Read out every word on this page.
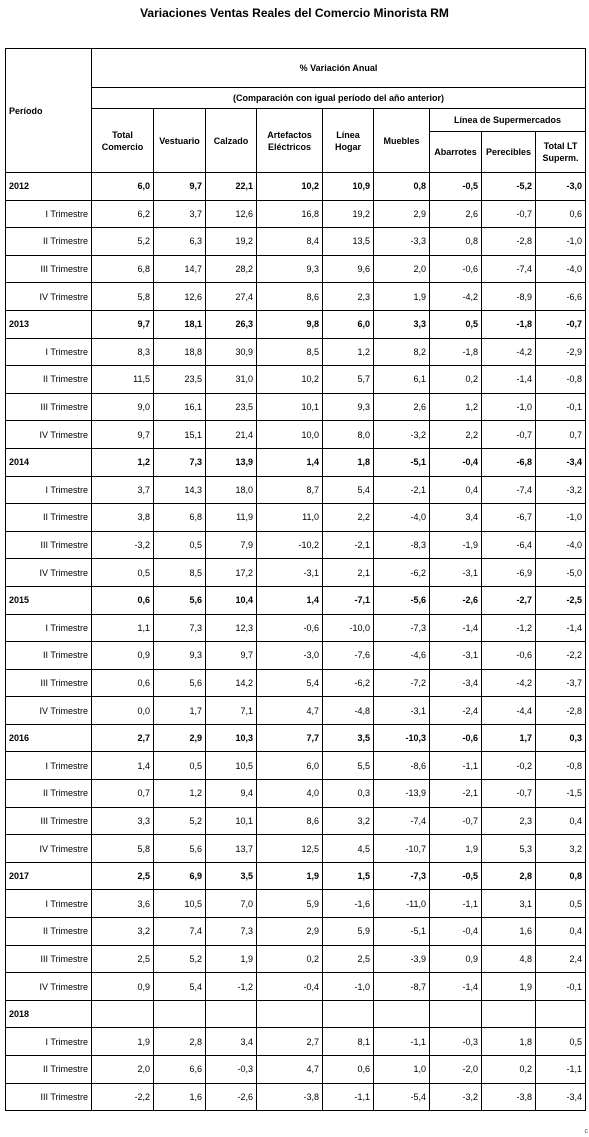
Variaciones Ventas Reales del Comercio Minorista RM
Período	% Variación Anual								
	(Comparación con igual período del año anterior)								
	Total Comercio	Vestuario	Calzado	Artefactos Eléctricos	Línea Hogar	Muebles	Línea de Supermercados		
							Abarrotes	Perecibles	Total LT Superm.
2012	6,0	9,7	22,1	10,2	10,9	0,8	-0,5	-5,2	-3,0
I Trimestre	6,2	3,7	12,6	16,8	19,2	2,9	2,6	-0,7	0,6
II Trimestre	5,2	6,3	19,2	8,4	13,5	-3,3	0,8	-2,8	-1,0
III Trimestre	6,8	14,7	28,2	9,3	9,6	2,0	-0,6	-7,4	-4,0
IV Trimestre	5,8	12,6	27,4	8,6	2,3	1,9	-4,2	-8,9	-6,6
2013	9,7	18,1	26,3	9,8	6,0	3,3	0,5	-1,8	-0,7
I Trimestre	8,3	18,8	30,9	8,5	1,2	8,2	-1,8	-4,2	-2,9
II Trimestre	11,5	23,5	31,0	10,2	5,7	6,1	0,2	-1,4	-0,8
III Trimestre	9,0	16,1	23,5	10,1	9,3	2,6	1,2	-1,0	-0,1
IV Trimestre	9,7	15,1	21,4	10,0	8,0	-3,2	2,2	-0,7	0,7
2014	1,2	7,3	13,9	1,4	1,8	-5,1	-0,4	-6,8	-3,4
I Trimestre	3,7	14,3	18,0	8,7	5,4	-2,1	0,4	-7,4	-3,2
II Trimestre	3,8	6,8	11,9	11,0	2,2	-4,0	3,4	-6,7	-1,0
III Trimestre	-3,2	0,5	7,9	-10,2	-2,1	-8,3	-1,9	-6,4	-4,0
IV Trimestre	0,5	8,5	17,2	-3,1	2,1	-6,2	-3,1	-6,9	-5,0
2015	0,6	5,6	10,4	1,4	-7,1	-5,6	-2,6	-2,7	-2,5
I Trimestre	1,1	7,3	12,3	-0,6	-10,0	-7,3	-1,4	-1,2	-1,4
II Trimestre	0,9	9,3	9,7	-3,0	-7,6	-4,6	-3,1	-0,6	-2,2
III Trimestre	0,6	5,6	14,2	5,4	-6,2	-7,2	-3,4	-4,2	-3,7
IV Trimestre	0,0	1,7	7,1	4,7	-4,8	-3,1	-2,4	-4,4	-2,8
2016	2,7	2,9	10,3	7,7	3,5	-10,3	-0,6	1,7	0,3
I Trimestre	1,4	0,5	10,5	6,0	5,5	-8,6	-1,1	-0,2	-0,8
II Trimestre	0,7	1,2	9,4	4,0	0,3	-13,9	-2,1	-0,7	-1,5
III Trimestre	3,3	5,2	10,1	8,6	3,2	-7,4	-0,7	2,3	0,4
IV Trimestre	5,8	5,6	13,7	12,5	4,5	-10,7	1,9	5,3	3,2
2017	2,5	6,9	3,5	1,9	1,5	-7,3	-0,5	2,8	0,8
I Trimestre	3,6	10,5	7,0	5,9	-1,6	-11,0	-1,1	3,1	0,5
II Trimestre	3,2	7,4	7,3	2,9	5,9	-5,1	-0,4	1,6	0,4
III Trimestre	2,5	5,2	1,9	0,2	2,5	-3,9	0,9	4,8	2,4
IV Trimestre	0,9	5,4	-1,2	-0,4	-1,0	-8,7	-1,4	1,9	-0,1
2018									
I Trimestre	1,9	2,8	3,4	2,7	8,1	-1,1	-0,3	1,8	0,5
II Trimestre	2,0	6,6	-0,3	4,7	0,6	1,0	-2,0	0,2	-1,1
III Trimestre	-2,2	1,6	-2,6	-3,8	-1,1	-5,4	-3,2	-3,8	-3,4
c
